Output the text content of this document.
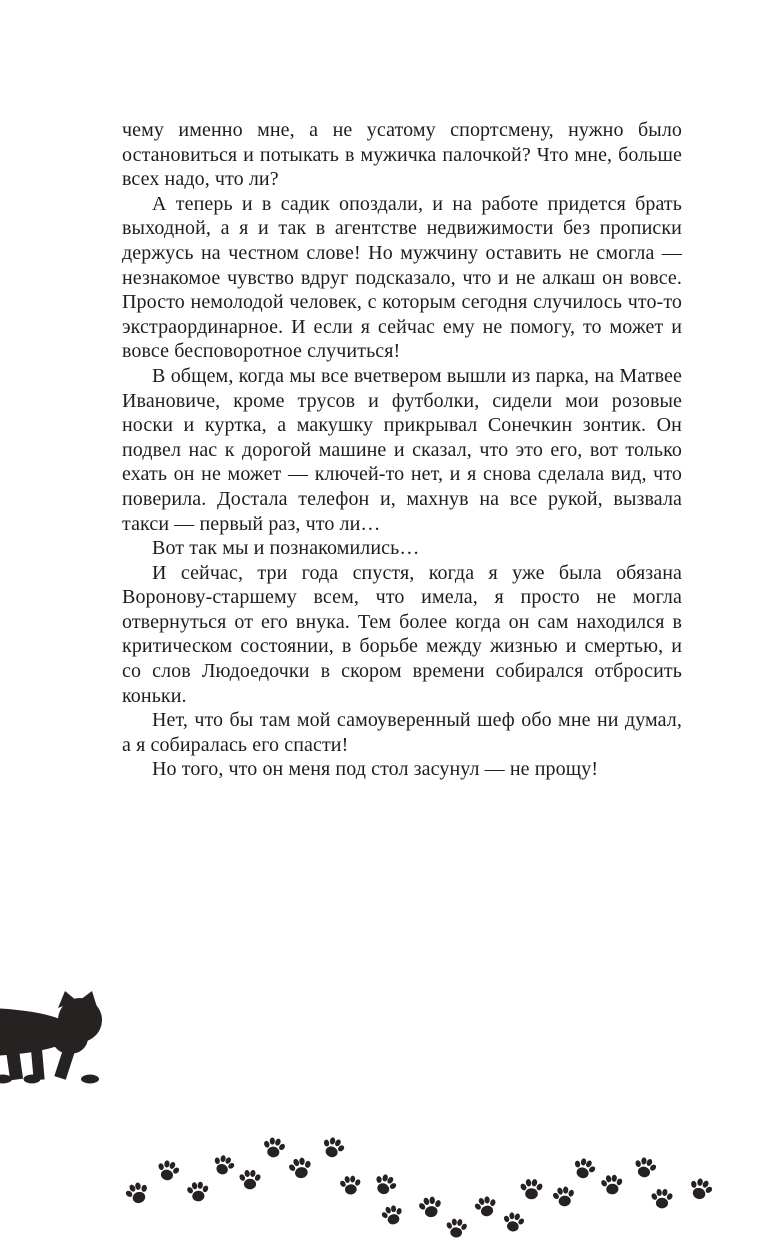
чему именно мне, а не усатому спортсмену, нужно было остановиться и потыкать в мужичка палочкой? Что мне, больше всех надо, что ли?

А теперь и в садик опоздали, и на работе придется брать выходной, а я и так в агентстве недвижимости без прописки держусь на честном слове! Но мужчину оставить не смогла — незнакомое чувство вдруг подсказало, что и не алкаш он вовсе. Просто немолодой человек, с которым сегодня случилось что-то экстраординарное. И если я сейчас ему не помогу, то может и вовсе бесповоротное случиться!

В общем, когда мы все вчетвером вышли из парка, на Матвее Ивановиче, кроме трусов и футболки, сидели мои розовые носки и куртка, а макушку прикрывал Сонечкин зонтик. Он подвел нас к дорогой машине и сказал, что это его, вот только ехать он не может — ключей-то нет, и я снова сделала вид, что поверила. Достала телефон и, махнув на все рукой, вызвала такси — первый раз, что ли…

Вот так мы и познакомились…

И сейчас, три года спустя, когда я уже была обязана Воронову-старшему всем, что имела, я просто не могла отвернуться от его внука. Тем более когда он сам находился в критическом состоянии, в борьбе между жизнью и смертью, и со слов Людоедочки в скором времени собирался отбросить коньки.

Нет, что бы там мой самоуверенный шеф обо мне ни думал, а я собиралась его спасти!

Но того, что он меня под стол засунул — не прощу!
